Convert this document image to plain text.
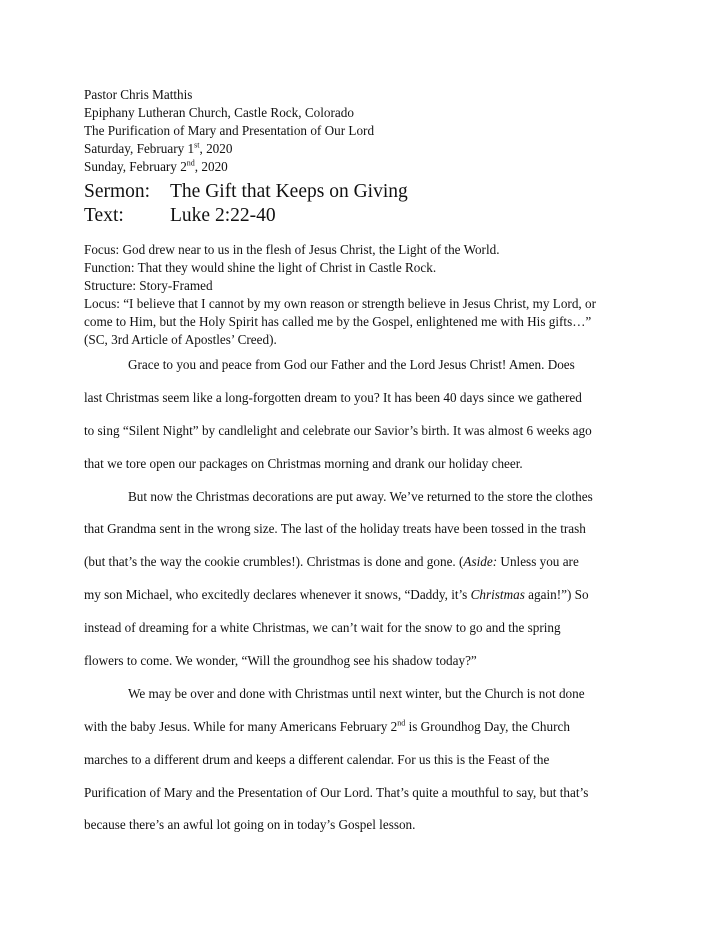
Pastor Chris Matthis
Epiphany Lutheran Church, Castle Rock, Colorado
The Purification of Mary and Presentation of Our Lord
Saturday, February 1st, 2020
Sunday, February 2nd, 2020
Sermon:	The Gift that Keeps on Giving
Text:	Luke 2:22-40
Focus: God drew near to us in the flesh of Jesus Christ, the Light of the World.
Function: That they would shine the light of Christ in Castle Rock.
Structure: Story-Framed
Locus: “I believe that I cannot by my own reason or strength believe in Jesus Christ, my Lord, or
come to Him, but the Holy Spirit has called me by the Gospel, enlightened me with His gifts…”
(SC, 3rd Article of Apostles’ Creed).
Grace to you and peace from God our Father and the Lord Jesus Christ! Amen. Does
last Christmas seem like a long-forgotten dream to you? It has been 40 days since we gathered
to sing “Silent Night” by candlelight and celebrate our Savior’s birth. It was almost 6 weeks ago
that we tore open our packages on Christmas morning and drank our holiday cheer.
But now the Christmas decorations are put away. We’ve returned to the store the clothes
that Grandma sent in the wrong size. The last of the holiday treats have been tossed in the trash
(but that’s the way the cookie crumbles!). Christmas is done and gone. (Aside: Unless you are
my son Michael, who excitedly declares whenever it snows, “Daddy, it’s Christmas again!”) So
instead of dreaming for a white Christmas, we can’t wait for the snow to go and the spring
flowers to come. We wonder, “Will the groundhog see his shadow today?”
We may be over and done with Christmas until next winter, but the Church is not done
with the baby Jesus. While for many Americans February 2nd is Groundhog Day, the Church
marches to a different drum and keeps a different calendar. For us this is the Feast of the
Purification of Mary and the Presentation of Our Lord. That’s quite a mouthful to say, but that’s
because there’s an awful lot going on in today’s Gospel lesson.
